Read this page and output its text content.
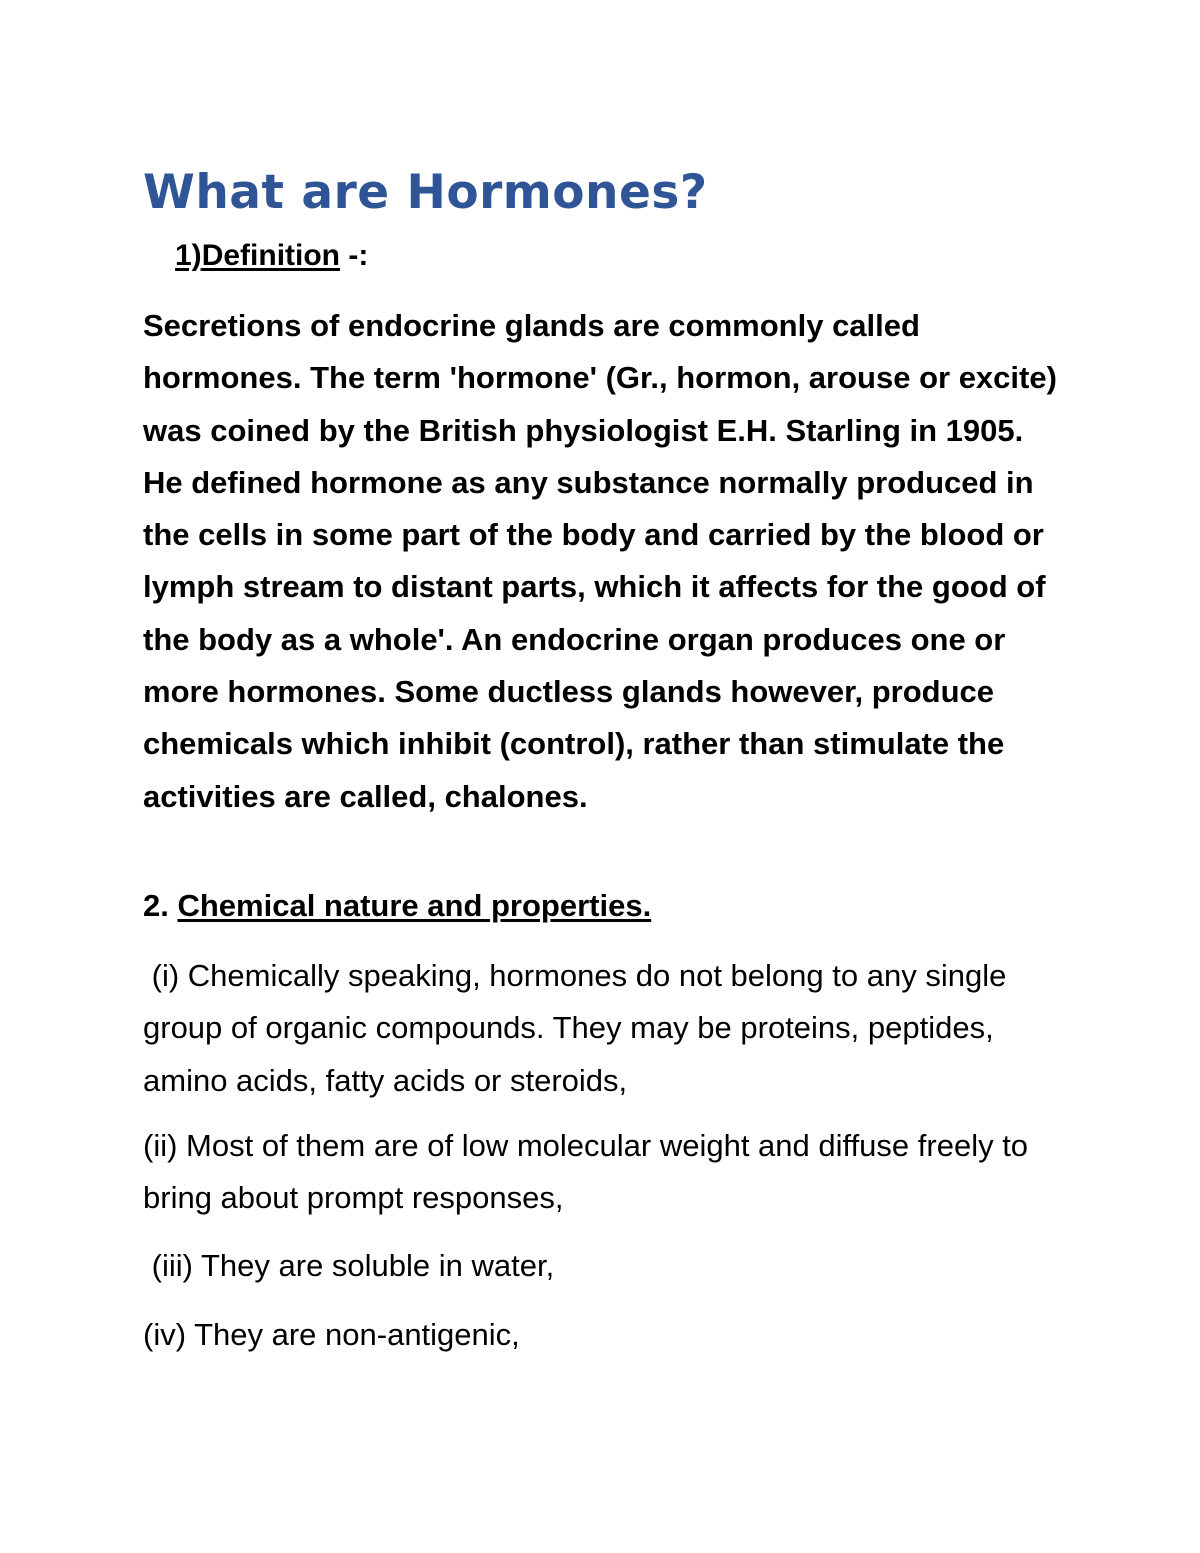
What are Hormones?

1)Definition -:

Secretions of endocrine glands are commonly called hormones. The term 'hormone' (Gr., hormon, arouse or excite) was coined by the British physiologist E.H. Starling in 1905. He defined hormone as any substance normally produced in the cells in some part of the body and carried by the blood or lymph stream to distant parts, which it affects for the good of the body as a whole'. An endocrine organ produces one or more hormones. Some ductless glands however, produce chemicals which inhibit (control), rather than stimulate the activities are called, chalones.

2. Chemical nature and properties.

(i) Chemically speaking, hormones do not belong to any single group of organic compounds. They may be proteins, peptides, amino acids, fatty acids or steroids,

(ii) Most of them are of low molecular weight and diffuse freely to bring about prompt responses,

(iii) They are soluble in water,

(iv) They are non-antigenic,
